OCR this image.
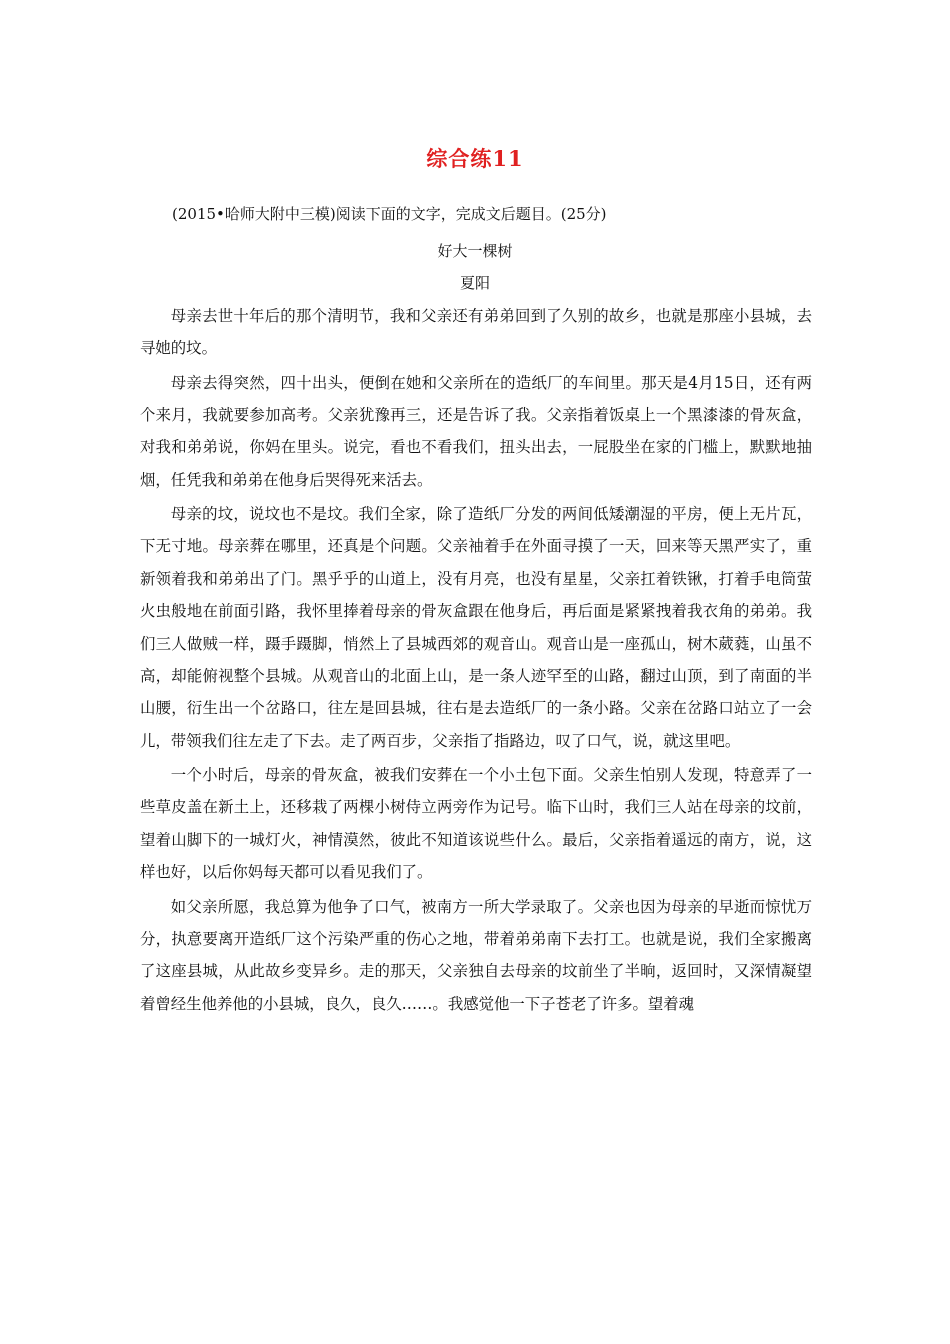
综合练11
(2015•哈师大附中三模)阅读下面的文字，完成文后题目。(25分)
好大一棵树
夏阳

母亲去世十年后的那个清明节，我和父亲还有弟弟回到了久别的故乡，也就是那座小县城，去寻她的坟。

母亲去得突然，四十出头，便倒在她和父亲所在的造纸厂的车间里。那天是4月15日，还有两个来月，我就要参加高考。父亲犹豫再三，还是告诉了我。父亲指着饭桌上一个黑漆漆的骨灰盒，对我和弟弟说，你妈在里头。说完，看也不看我们，扭头出去，一屁股坐在家的门槛上，默默地抽烟，任凭我和弟弟在他身后哭得死来活去。

母亲的坟，说坟也不是坟。我们全家，除了造纸厂分发的两间低矮潮湿的平房，便上无片瓦，下无寸地。母亲葬在哪里，还真是个问题。父亲袖着手在外面寻摸了一天，回来等天黑严实了，重新领着我和弟弟出了门。黑乎乎的山道上，没有月亮，也没有星星，父亲扛着铁锹，打着手电筒萤火虫般地在前面引路，我怀里捧着母亲的骨灰盒跟在他身后，再后面是紧紧拽着我衣角的弟弟。我们三人做贼一样，蹑手蹑脚，悄然上了县城西郊的观音山。观音山是一座孤山，树木葳蕤，山虽不高，却能俯视整个县城。从观音山的北面上山，是一条人迹罕至的山路，翻过山顶，到了南面的半山腰，衍生出一个岔路口，往左是回县城，往右是去造纸厂的一条小路。父亲在岔路口站立了一会儿，带领我们往左走了下去。走了两百步，父亲指了指路边，叹了口气，说，就这里吧。

一个小时后，母亲的骨灰盒，被我们安葬在一个小土包下面。父亲生怕别人发现，特意弄了一些草皮盖在新土上，还移栽了两棵小树侍立两旁作为记号。临下山时，我们三人站在母亲的坟前，望着山脚下的一城灯火，神情漠然，彼此不知道该说些什么。最后，父亲指着遥远的南方，说，这样也好，以后你妈每天都可以看见我们了。

如父亲所愿，我总算为他争了口气，被南方一所大学录取了。父亲也因为母亲的早逝而惊忧万分，执意要离开造纸厂这个污染严重的伤心之地，带着弟弟南下去打工。也就是说，我们全家搬离了这座县城，从此故乡变异乡。走的那天，父亲独自去母亲的坟前坐了半晌，返回时，又深情凝望着曾经生他养他的小县城，良久，良久……。我感觉他一下子苍老了许多。望着魂
